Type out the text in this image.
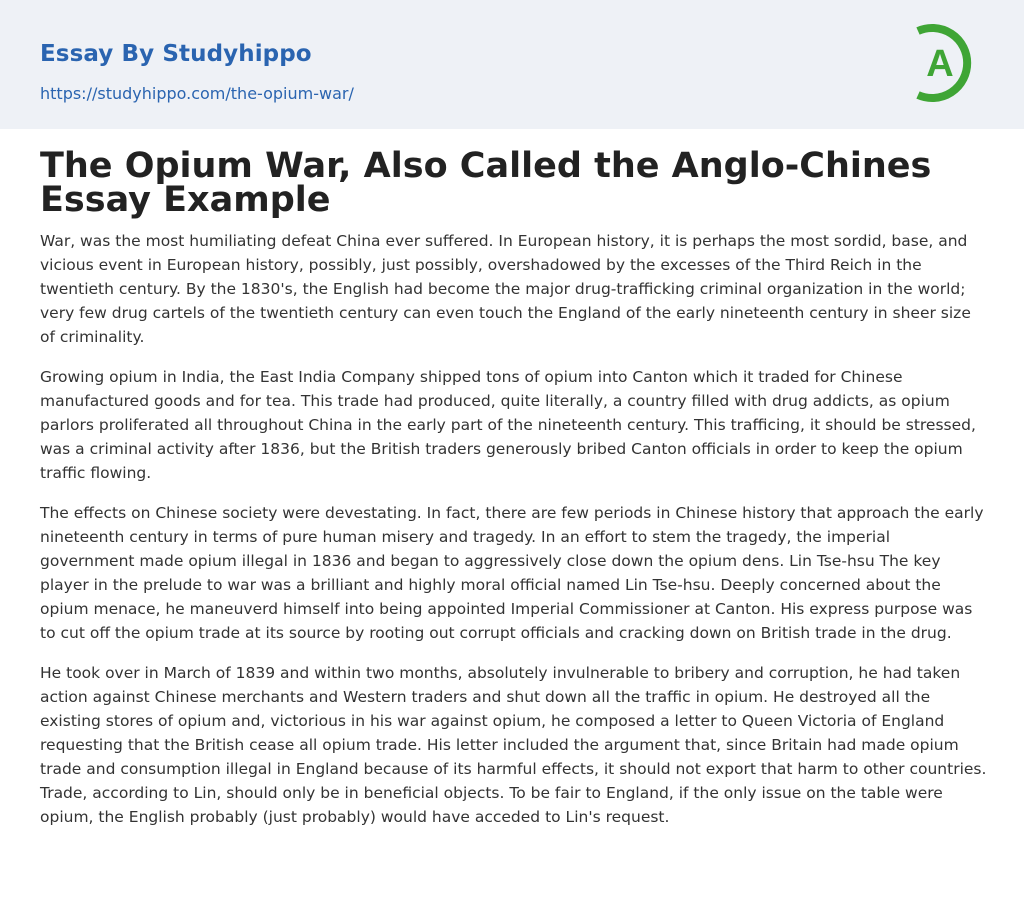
Essay By Studyhippo
https://studyhippo.com/the-opium-war/
A
The Opium War, Also Called the Anglo-Chines Essay Example

War, was the most humiliating defeat China ever suffered. In European history, it is perhaps the most sordid, base, and vicious event in European history, possibly, just possibly, overshadowed by the excesses of the Third Reich in the twentieth century. By the 1830's, the English had become the major drug-trafficking criminal organization in the world; very few drug cartels of the twentieth century can even touch the England of the early nineteenth century in sheer size of criminality.

Growing opium in India, the East India Company shipped tons of opium into Canton which it traded for Chinese manufactured goods and for tea. This trade had produced, quite literally, a country filled with drug addicts, as opium parlors proliferated all throughout China in the early part of the nineteenth century. This trafficing, it should be stressed, was a criminal activity after 1836, but the British traders generously bribed Canton officials in order to keep the opium traffic flowing.

The effects on Chinese society were devestating. In fact, there are few periods in Chinese history that approach the early nineteenth century in terms of pure human misery and tragedy. In an effort to stem the tragedy, the imperial government made opium illegal in 1836 and began to aggressively close down the opium dens. Lin Tse-hsu The key player in the prelude to war was a brilliant and highly moral official named Lin Tse-hsu. Deeply concerned about the opium menace, he maneuverd himself into being appointed Imperial Commissioner at Canton. His express purpose was to cut off the opium trade at its source by rooting out corrupt officials and cracking down on British trade in the drug.

He took over in March of 1839 and within two months, absolutely invulnerable to bribery and corruption, he had taken action against Chinese merchants and Western traders and shut down all the traffic in opium. He destroyed all the existing stores of opium and, victorious in his war against opium, he composed a letter to Queen Victoria of England requesting that the British cease all opium trade. His letter included the argument that, since Britain had made opium trade and consumption illegal in England because of its harmful effects, it should not export that harm to other countries. Trade, according to Lin, should only be in beneficial objects. To be fair to England, if the only issue on the table were opium, the English probably (just probably) would have acceded to Lin's request.
